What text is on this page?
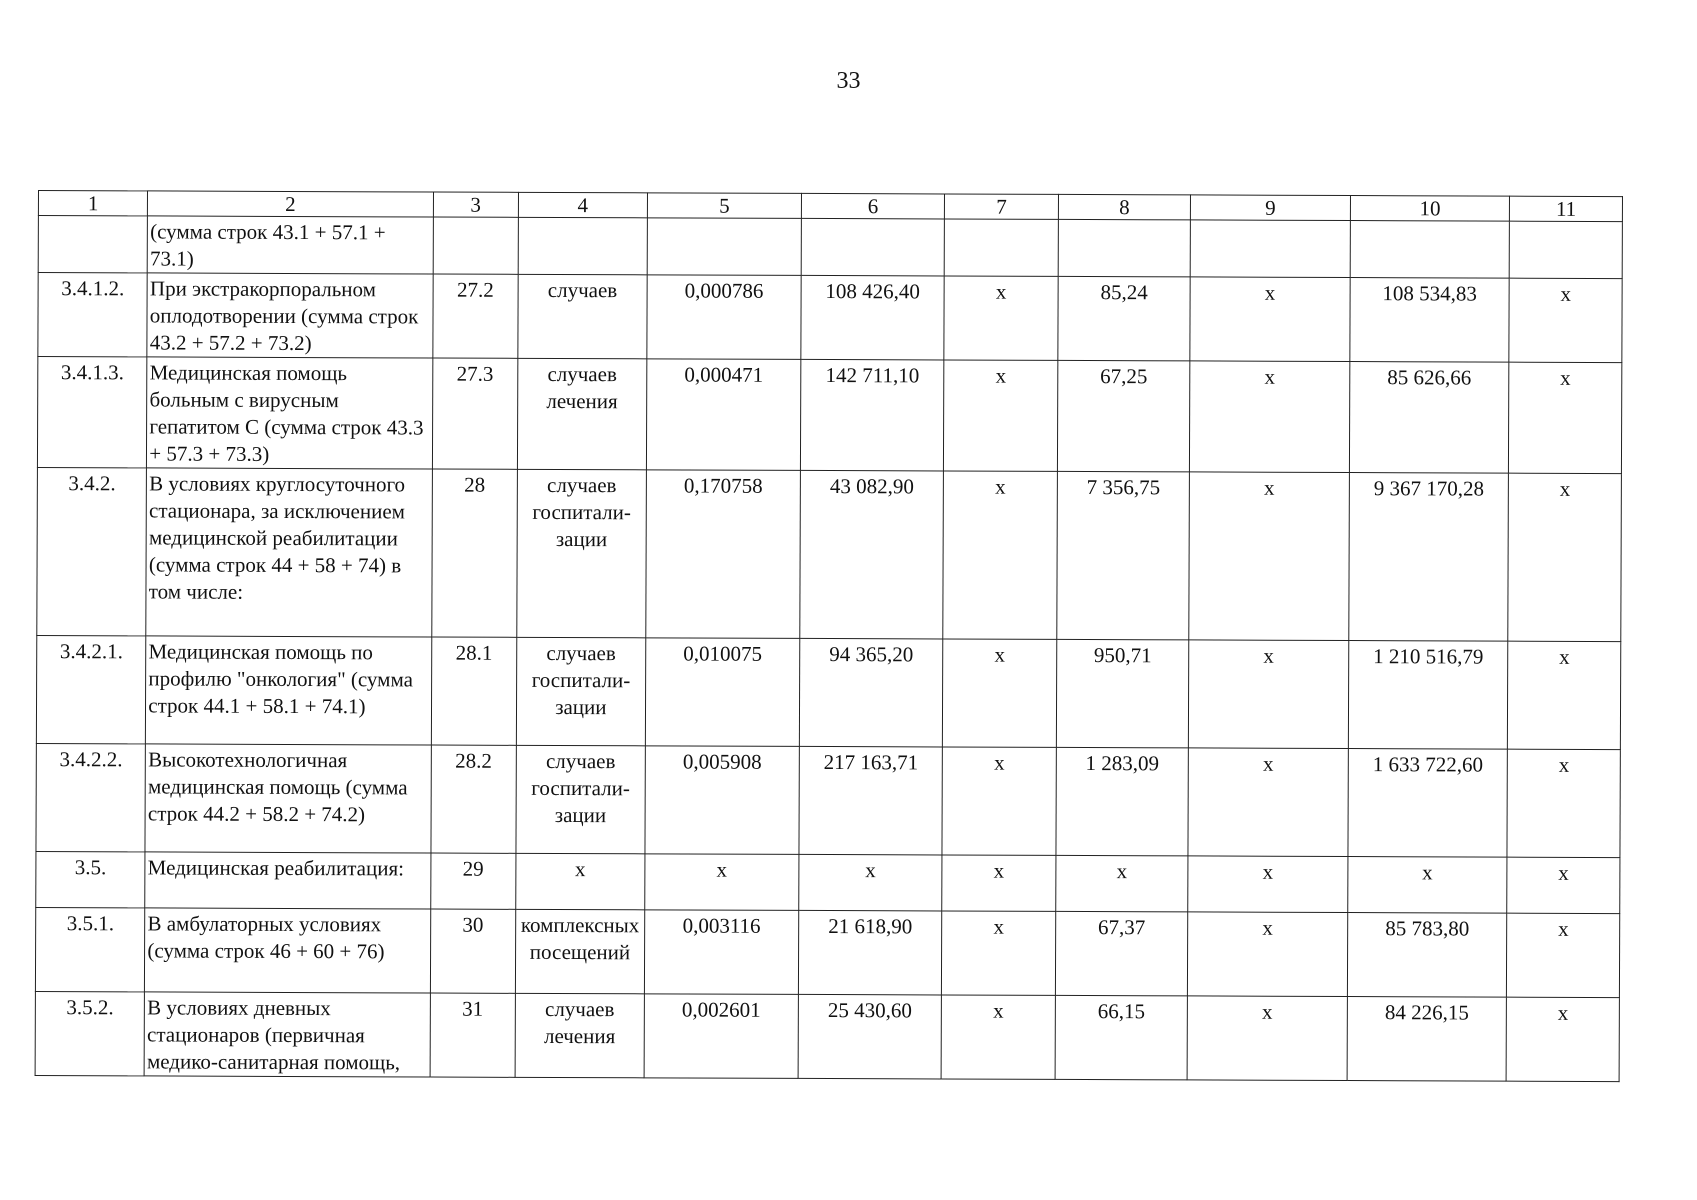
33
1	2	3	4	5	6	7	8	9	10	11
	(сумма строк 43.1 + 57.1 + 73.1)									
3.4.1.2.	При экстракорпоральном оплодотворении (сумма строк 43.2 + 57.2 + 73.2)	27.2	случаев	0,000786	108 426,40	х	85,24	х	108 534,83	х
3.4.1.3.	Медицинская помощь больным с вирусным гепатитом С (сумма строк 43.3 + 57.3 + 73.3)	27.3	случаев лечения	0,000471	142 711,10	х	67,25	х	85 626,66	х
3.4.2.	В условиях круглосуточного стационара, за исключением медицинской реабилитации (сумма строк 44 + 58 + 74) в том числе:	28	случаев госпитали-зации	0,170758	43 082,90	х	7 356,75	х	9 367 170,28	х
3.4.2.1.	Медицинская помощь по профилю "онкология" (сумма строк 44.1 + 58.1 + 74.1)	28.1	случаев госпитали-зации	0,010075	94 365,20	х	950,71	х	1 210 516,79	х
3.4.2.2.	Высокотехнологичная медицинская помощь (сумма строк 44.2 + 58.2 + 74.2)	28.2	случаев госпитали-зации	0,005908	217 163,71	х	1 283,09	х	1 633 722,60	х
3.5.	Медицинская реабилитация:	29	х	х	х	х	х	х	х	х
3.5.1.	В амбулаторных условиях (сумма строк 46 + 60 + 76)	30	комплексных посещений	0,003116	21 618,90	х	67,37	х	85 783,80	х
3.5.2.	В условиях дневных стационаров (первичная медико-санитарная помощь,	31	случаев лечения	0,002601	25 430,60	х	66,15	х	84 226,15	х
